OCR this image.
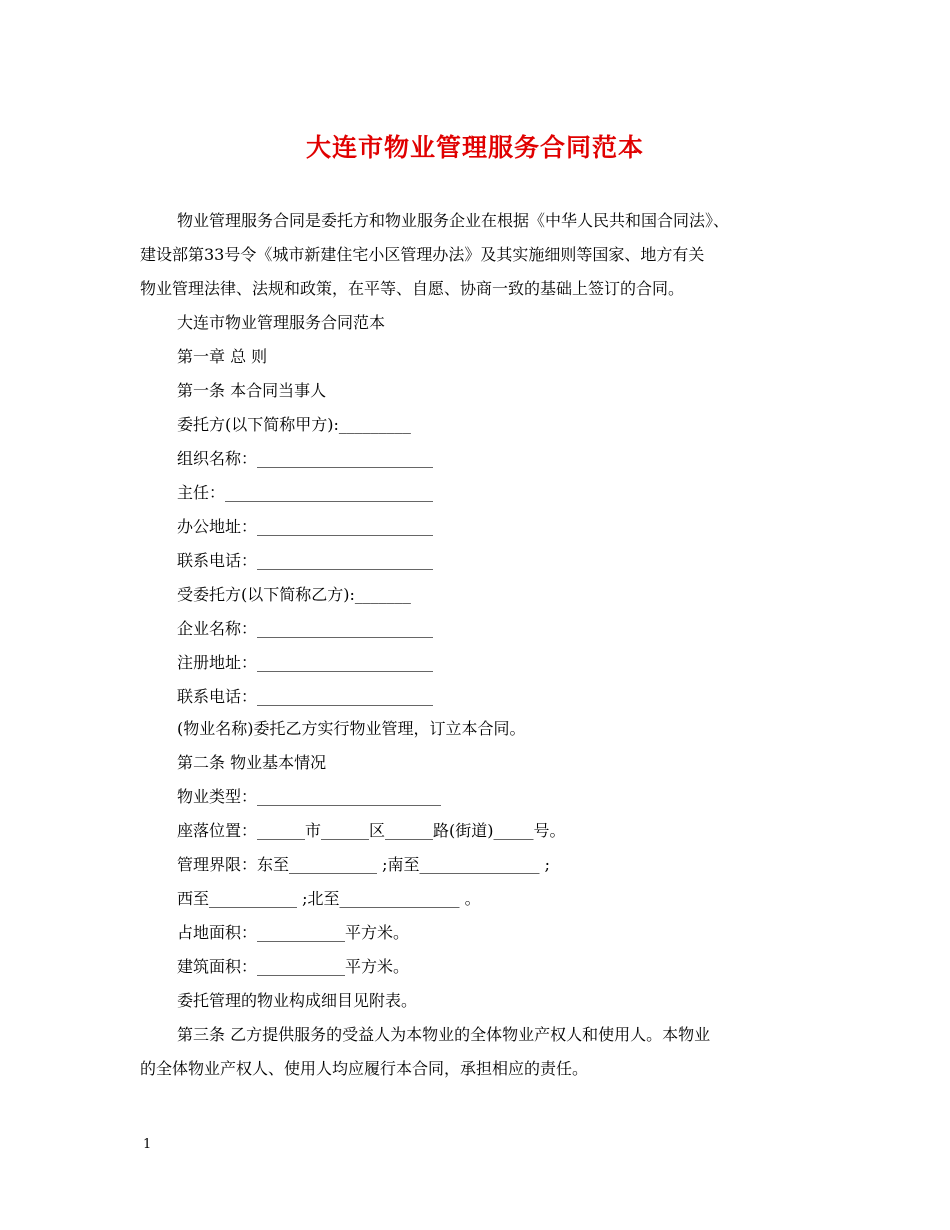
大连市物业管理服务合同范本
物业管理服务合同是委托方和物业服务企业在根据《中华人民共和国合同法》、
建设部第33号令《城市新建住宅小区管理办法》及其实施细则等国家、地方有关
物业管理法律、法规和政策，在平等、自愿、协商一致的基础上签订的合同。
大连市物业管理服务合同范本
第一章 总 则
第一条 本合同当事人
委托方(以下简称甲方):_________
组织名称：______________________
主任：__________________________
办公地址：______________________
联系电话：______________________
受委托方(以下简称乙方):_______
企业名称：______________________
注册地址：______________________
联系电话：______________________
(物业名称)委托乙方实行物业管理，订立本合同。
第二条 物业基本情况
物业类型：_______________________
座落位置：______市______区______路(街道)_____号。
管理界限：东至___________ ;南至_______________ ;
西至___________ ;北至_______________ 。
占地面积：___________平方米。
建筑面积：___________平方米。
委托管理的物业构成细目见附表。
第三条 乙方提供服务的受益人为本物业的全体物业产权人和使用人。本物业
的全体物业产权人、使用人均应履行本合同，承担相应的责任。
1
